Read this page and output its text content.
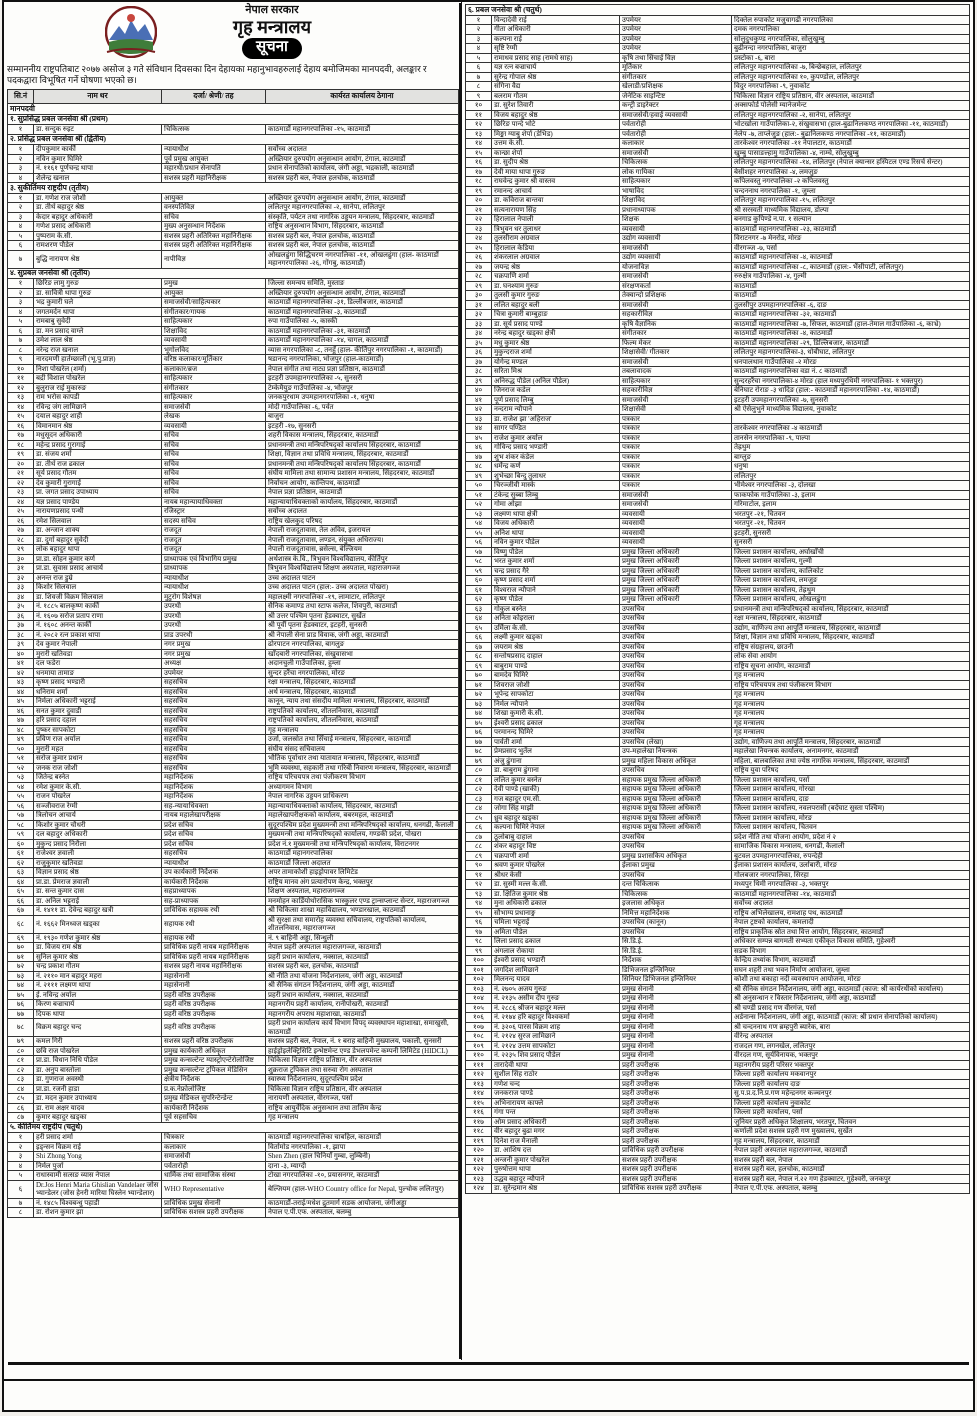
नेपाल सरकार
गृह मन्त्रालय
सूचना
सम्माननीय राष्ट्रपतिबाट २०७७ असोज ३ गते संविधान दिवसका दिन देहायका महानुभावहरुलाई देहाय बमोजिमका मानपदवी, अलङ्कार र पदकद्वारा विभूषित गर्ने घोषणा भएको छ।
सि.नं	नाम थर	दर्जा/ श्रेणी/ तह	कार्यरत कार्यालय ठेगाना
मानपदवी			
१. सुप्रसिद्ध प्रबल जनसेवा श्री (प्रथम)			
१	डा. सन्दुक रुइट	चिकित्सक	काठमाडौं महानगरपालिका -१५, काठमाडौं
२. प्रसिद्ध प्रबल जनसेवा श्री (द्वितीय)			
१	दीपकुमार कार्की	न्यायाधीश	सर्वोच्च अदालत
२	नविन कुमार घिमिरे	पूर्व प्रमुख आयुक्त	अख्तियार दुरुपयोग अनुसन्धान आयोग, टंगाल, काठमाडौं
३	नं. ११६१ पूर्णचन्द्र थापा	महारथी/प्रधान सेनापति	प्रधान सेनापतिको कार्यालय, जंगी अड्डा, भद्रकाली, काठमाडौं
४	शैलेन्द्र खनाल	सशस्त्र प्रहरी महानिरीक्षक	सशस्त्र प्रहरी बल, नेपाल हलचोक, काठमाडौं
३. सुकीर्तिमय राष्ट्रदीप (तृतीय)			
१	डा. गणेश राज जोशी	आयुक्त	अख्तियार दुरुपयोग अनुसन्धान आयोग, टंगाल, काठमाडौं
२	डा. तीर्थ बहादुर श्रेष्ठ	वनस्पतिविज्ञ	ललितपुर महानगरपालिका -२, सानेपा, ललितपुर
३	केदार बहादुर अधिकारी	सचिव	संस्कृति, पर्यटन तथा नागरिक उड्डयन मन्त्रालय, सिंहदरबार, काठमाडौं
४	गणेश प्रसाद अधिकारी	मुख्य अनुसन्धान निर्देशक	राष्ट्रिय अनुसन्धान विभाग, सिंहदरबार, काठमाडौं
५	पुष्पराम के.सी.	सशस्त्र प्रहरी अतिरिक्त महानिरीक्षक	सशस्त्र प्रहरी बल, नेपाल हलचोक, काठमाडौं
६	रामशरण पौडेल	सशस्त्र प्रहरी अतिरिक्त महानिरीक्षक	सशस्त्र प्रहरी बल, नेपाल हलचोक, काठमाडौं
७	बुद्धि नारायण श्रेष्ठ	नापीविज्ञ	ओखलढुंगा सिद्धिचरण नगरपालिका -११, ओखलढुंगा (हाल- काठमाडौं महानगरपालिका -२६, गोंगबु, काठमाडौं)
४. सुप्रबल जनसेवा श्री (तृतीय)			
१	छिरिङ लामु गुरुङ	प्रमुख	जिल्ला समन्वय समिति, मुस्ताङ
२	डा. सावित्री थापा गुरुङ	आयुक्त	अख्तियार दुरुपयोग अनुसन्धान आयोग, टंगाल, काठमाडौं
३	भद्र कुमारी घले	समाजसेवी/साहित्यकार	काठमाडौं महानगरपालिका -३१, डिल्लीबजार, काठमाडौं
४	जगतमर्दन थापा	संगीतकार/गायक	काठमाडौं महानगरपालिका -३, काठमाडौं
५	रामबाबु सुवेदी	साहित्यकार	रुपा गाउँपालिका -५, कास्की
६	डा. मन प्रसाद वाग्ले	शिक्षाविद	काठमाडौं महानगरपालिका -३१, काठमाडौं
७	उमेश लाल श्रेष्ठ	व्यवसायी	काठमाडौं महानगरपालिका -१४, चागल, काठमाडौं
८	नरेन्द्र राज खनाल	भूगोलविद	व्यास नगरपालिका -८, तनहुँ (हाल- कीर्तिपुर नगरपालिका -१, काठमाडौं)
९	नारदमणी हार्तम्छाली (भू.पु.प्राज्ञ)	वरिष्ठ कलाकार/मूर्तिकार	षडानन्द नगरपालिका, भोजपुर (हाल-काठमाडौं)
१०	निशा पोखरेल (शर्मा)	कलाकार/ब्रज	नेपाल संगीत तथा नाट्य प्रज्ञा प्रतिष्ठान, काठमाडौं
११	बद्री विशाल पोखरेल	साहित्यकार	इटहरी उपमहानगरपालिका -५, सुनसरी
१२	बुलुराज राई मुकारुङ	संगीतकार	टेम्केमैयुङ गाउँपालिका -४, भोजपुर
१३	राम भरोस कापडी	साहित्यकार	जनकपुरधाम उपमहानगरपालिका -१, धनुषा
१४	रविन्द्र जंग लामिछाने	समाजसेवी	मोदी गाउँपालिका -६, पर्वत
१५	दयाल बहादुर शाही	लेखक	बाजुरा
१६	विमानमान श्रेष्ठ	व्यवसायी	इटहरी -१७, सुनसरी
१७	मधुसूदन अधिकारी	सचिव	शहरी विकास मन्त्रालय, सिंहदरबार, काठमाडौं
१८	महेन्द्र प्रसाद गुरागाई	सचिव	प्रधानमन्त्री तथा मन्त्रिपरिषद्को कार्यालय सिंहदरबार, काठमाडौं
१९	डा. संजय शर्मा	सचिव	शिक्षा, विज्ञान तथा प्रविधि मन्त्रालय, सिंहदरबार, काठमाडौं
२०	डा. तीर्थ राज ढकाल	सचिव	प्रधानमन्त्री तथा मन्त्रिपरिषद्को कार्यालय सिंहदरबार, काठमाडौं
२१	सूर्य प्रसाद गौतम	सचिव	संघीय मामिला तथा सामान्य प्रशासन मन्त्रालय, सिंहदरबार, काठमाडौं
२२	देव कुमारी गुरागाई	सचिव	निर्वाचन आयोग, कान्तिपथ, काठमाडौं
२३	प्रा. जगत प्रसाद उपाध्याय	सचिव	नेपाल प्रज्ञा प्रतिष्ठान, काठमाडौं
२४	यज्ञ प्रसाद पाण्डेय	नायब महान्यायाधिवक्ता	महान्यायाधिवक्ताको कार्यालय, सिंहदरबार, काठमाडौं
२५	नारायणप्रसाद पन्थी	रजिस्ट्रार	सर्वोच्च अदालत
२६	रमेश सिलवाल	सदस्य सचिव	राष्ट्रिय खेलकुद परिषद
२७	डा. अन्जान शाक्य	राजदूत	नेपाली राजदूतावास, तेल अविव, इजरायल
२८	डा. दुर्गा बहादुर सुवेदी	राजदूत	नेपाली राजदूतावास, लण्डन, संयुक्त अधिराज्य।
२९	लोक बहादुर थापा	राजदूत	नेपाली राजदूतावास, ब्रसेल्स, बेल्जियम
३०	प्रा.डा. सोहन कुमार कर्ण	प्राध्यापक एवं विभागिय प्रमुख	अर्थशास्त्र के.वि., त्रिभुवन विश्वविद्यालय, कीर्तिपुर
३१	प्रा.डा. सुवास प्रसाद आचार्य	प्राध्यापक	त्रिभुवन विश्वविद्यालय शिक्षण अस्पताल, महाराजगञ्ज
३२	अनन्त राज डुम्रे	न्यायाधीश	उच्च अदालत पाटन
३३	किशोर सिलवाल	न्यायाधीश	उच्च अदालत पाटन (हाल:- उच्च अदालत पोखरा)
३४	डा. शिवजी विक्रम सिलवाल	मुटुरोग विशेषज्ञ	महालक्ष्मी नगरपालिका -१९, लामाटार, ललितपुर
३५	नं. १८८५ बालकृष्ण कार्की	उपरथी	सैनिक कमाण्ड तथा स्टाफ कलेज, शिवपुरी, काठमाडौं
३६	नं. १६०७ सरोज प्रताप राणा	उपरथी	श्री उत्तर पश्चिम पृतना हेडक्वाटर, सुर्खेत
३७	नं. १६०८ अनन्त कार्की	उपरथी	श्री पूर्वी पृतना हेडक्वाटर, इटहरी, सुनसरी
३८	नं. २०८२ रत्न प्रकाश थापा	प्राड उपरथी	श्री नेपाली सेना प्राड विवाक, जंगी अड्डा, काठमाडौं
३९	देव कुमार नेपाली	नगर प्रमुख	ढोरपाटन नगरपालिका, बागलुङ
४०	मुरारी खतिवडा	नगर प्रमुख	खाँदबारी नगरपालिका, संखुवासभा
४१	दल फडेरा	अध्यक्ष	अदानचुली गाउँपालिका, हुम्ला
४२	धनमाया तामाङ	उपमेयर	सुन्दर हरैंचा नगरपालिका, मोरङ
४३	कृष्ण प्रसाद भण्डारी	सहसचिव	रक्षा मन्त्रालय, सिंहदरबार, काठमाडौं
४४	धनिराम शर्मा	सहसचिव	अर्थ मन्त्रालय, सिंहदरबार, काठमाडौं
४५	निर्मला अधिकारी भट्टराई	सहसचिव	कानून, न्याय तथा संसदीय मामिला मन्त्रालय, सिंहदरबार, काठमाडौं
४६	सनत कुमार दुवाडी	सहसचिव	राष्ट्रपतिको कार्यालय, शीतलनिवास, काठमाडौं
४७	हरि प्रसाद दहाल	सहसचिव	राष्ट्रपतिको कार्यालय, शीतलनिवास, काठमाडौं
४८	पुष्कर सापकोटा	सहसचिव	गृह मन्त्रालय
४९	प्रविण राज अर्याल	सहसचिव	उर्जा, जलस्रोत तथा सिँचाई मन्त्रालय, सिंहदरबार, काठमाडौं
५०	मुरारी महत	सहसचिव	संघीय संसद सचिवालय
५१	सरोज कुमार प्रधान	सहसचिव	भौतिक पूर्वाधार तथा यातायात मन्त्रालय, सिंहदरबार, काठमाडौं
५२	जनक राज जोशी	सहसचिव	भूमि व्यवस्था, सहकारी तथा गरिबी निवारण मन्त्रालय, सिंहदरबार, काठमाडौं
५३	जितेन्द्र बस्नेत	महानिर्देशक	राष्ट्रिय परिचयपत्र तथा पंजीकरण विभाग
५४	रमेश कुमार के.सी.	महानिर्देशक	अध्यागमन विभाग
५५	राजन पोखरेल	महानिर्देशक	नेपाल नागरिक उड्डयन प्राधिकरण
५६	सञ्जीवराज रेग्मी	सह-न्यायाधिवक्ता	महान्यायाधिवक्ताको कार्यालय, सिंहदरबार, काठमाडौं
५७	त्रिलोचन आचार्य	नायब महालेखापरीक्षक	महालेखापरीक्षकको कार्यालय, बबरमहल, काठमाडौं
५८	किशोर कुमार चौधरी	प्रदेश सचिव	सुदूरपश्चिम प्रदेश मुख्यमन्त्री तथा मन्त्रिपरिषद्को कार्यालय, धनगढी, कैलाली
५९	दल बहादुर अधिकारी	प्रदेश सचिव	मुख्यमन्त्री तथा मन्त्रिपरिषद्को कार्यालय, गण्डकी प्रदेश, पोखरा
६०	मुकुन्द प्रसाद निरौला	प्रदेश सचिव	प्रदेश नं.१ मुख्यमन्त्री तथा मन्त्रिपरिषद्को कार्यालय, विराटनगर
६१	राजेश्वर ज्ञवाली	सहसचिव	काठमाडौं महानगरपालिका
६२	राजुकुमार खतिवडा	न्यायाधीश	काठमाडौं जिल्ला अदालत
६३	विज्ञान प्रसाद श्रेष्ठ	उप कार्यकारी निर्देशक	अपर तामाकोशी हाइड्रोपावर लिमिटेड
६४	प्रा.डा. प्रेमराज ज्ञवाली	कार्यकारी निर्देशक	राष्ट्रिय मानव अंग प्रत्यारोपण केन्द्र, भक्तपुर
६५	डा. सन्त कुमार दास	सहप्राध्यापक	शिक्षण अस्पताल, महाराजगञ्ज
६६	डा. अनिल भट्टराई	सह-प्राध्यापक	मनमोहन कार्डियोथोरासिक भास्कुलर एण्ड ट्रान्सप्लान्ट सेन्टर, महाराजगञ्ज
६७	नं. १४११ डा. देवेन्द्र बहादुर खत्री	प्राविधिक सहायक रथी	श्री चिकित्सा शाखा महाविद्यालय, भण्डारखाल, काठमाडौं
६८	नं. १६६२ मिनध्वज खड्का	सहायक रथी	श्री सुरक्षा तथा समारोह व्यवस्था सचिवालय, राष्ट्रपतिको कार्यालय, शीतलनिवास, महाराजगञ्ज
६९	नं. १९३० गणेश कुमार श्रेष्ठ	सहायक रथी	नं. ९ बाहिनी अड्डा, सिन्धुली
७०	डा. विजय राम श्रेष्ठ	प्राविधिक प्रहरी नायब महानिरीक्षक	नेपाल प्रहरी अस्पताल महाराजगञ्ज, काठमाडौं
७१	सुनिल कुमार श्रेष्ठ	प्राविधिक प्रहरी नायब महानिरीक्षक	प्रहरी प्रधान कार्यालय, नक्साल, काठमाडौं
७२	चन्द्र प्रकाश गौतम	सशस्त्र प्रहरी नायब महानिरीक्षक	सशस्त्र प्रहरी बल, हलचोक, काठमाडौं
७३	नं. २११० मान बहादुर महरा	महासेनानी	श्री नीति तथा योजना निर्देशनालय, जंगी अड्डा, काठमाडौं
७४	नं. २१११ लक्ष्मण थापा	महासेनानी	श्री सैनिक संगठन निर्देशनालय, जंगी अड्डा, काठमाडौं
७५	ई. नविन्द्र अर्याल	प्रहरी वरिष्ठ उपरीक्षक	प्रहरी प्रधान कार्यालय, नक्साल, काठमाडौं
७६	किरण बज्राचार्य	प्रहरी वरिष्ठ उपरीक्षक	महानगरीय प्रहरी कार्यालय, रानीपोखरी, काठमाडौं
७७	दिपक थापा	प्रहरी वरिष्ठ उपरीक्षक	महानगरीय अपराध महाशाखा, काठमाडौं
७८	विक्रम बहादुर चन्द	प्रहरी वरिष्ठ उपरीक्षक	प्रहरी प्रधान कार्यालय कार्य विभाग विपद् व्यवस्थापन महाशाखा, समाखुसी, काठमाडौं
७९	कमल गिरी	सशस्त्र प्रहरी वरिष्ठ उपरीक्षक	सशस्त्र प्रहरी बल, नेपाल, नं. १ बराह बाहिनी मुख्यालय, पकाली, सुनसरी
८०	छवि राज पोखरेल	प्रमुख कार्यकारी अधिकृत	हाईड्रोइलेक्ट्रिसिटि इन्भेष्टमेन्ट एण्ड डेभलपमेन्ट कम्पनी लिमिटेड (HIDCL)
८१	प्रा.डा. विधान निधि पौडेल	प्रमुख कन्सल्टेन्ट ग्यास्ट्रोएन्टेरोलोजिष्ट	चिकित्सा विज्ञान राष्ट्रिय प्रतिष्ठान, वीर अस्पताल
८२	डा. अनुप बास्तोला	प्रमुख कन्सल्टेन्ट ट्रपिकल मेडिसिन	शुक्रराज ट्रपिकल तथा सरुवा रोग अस्पताल
८३	डा. गुणराज अवस्थी	क्षेत्रीय निर्देशक	स्वास्थ्य निर्देशनालय, सुदूरपश्चिम प्रदेश
८४	प्रा.डा. रजनी हाडा	प्र.क.नेफ्रोलोजिष्ट	चिकित्सा विज्ञान राष्ट्रिय प्रतिष्ठान, वीर अस्पताल
८५	डा. मदन कुमार उपाध्याय	प्रमुख मेडिकल सुपरिन्टेन्डेन्ट	नारायणी अस्पताल, वीरगञ्ज, पर्सा
८६	डा. राम अक्षर यादव	कार्यकारी निर्देशक	राष्ट्रिय आयुर्वेदिक अनुसन्धान तथा तालिम केन्द्र
८७	कुमार बहादुर खड्का	पूर्व सहसचिव	गृह मन्त्रालय
५. कीर्तिमय राष्ट्रदीप (चतुर्थ)			
१	हरी प्रसाद शर्मा	चित्रकार	काठमाडौं महानगरपालिका चाबहिल, काठमाडौं
२	इड्न्सन विक्रम राई	कलाकार	विर्तामोड नगरपालिका -१, झापा
३	Shi Zhong Yong	समाजसेवी	Shen Zhen (हाल चिनियाँ गुम्बा, लुम्बिनी)
४	निर्मल पुर्जा	पर्वतारोही	दाना -३, म्याग्दी
५	राधास्वामी सत्सङ व्यास नेपाल	धार्मिक तथा सामाजिक संस्था	टोखा नगरपालिका -१०, प्रयासनगर, काठमाडौं
६	Dr.Jos Henri Maria Ghislian Vandelaer जोस भ्यान्डेलर (जोस हेनरी मारिया घिस्लेन भ्यान्डेलार)	WHO Representative	बेल्जियम (हाल-WHO Country office for Nepal, पुल्चोक ललितपुर)
७	नं. १४८५ विश्वबन्धु पहाडी	प्राविधिक प्रमुख सेनानी	काठमाडौं-तराई/मधेश द्रुतमार्ग सडक आयोजना, जंगीअड्डा
८	डा. रोशन कुमार झा	प्राविधिक सशस्त्र प्रहरी उपरीक्षक	नेपाल ए.पी.एफ. अस्पताल, बलम्बु
६. प्रबल जनसेवा श्री (चतुर्थ)			
१	विन्दादेवी राई	उपमेयर	दिक्तेल रुपाकोट मजुवागढी नगरपालिका
२	गीता अधिकारी	उपमेयर	दमक नगरपालिका
३	कल्पना राई	उपमेयर	सोलुदुधकुण्ड नगरपालिका, सोलुखुम्बु
४	सृष्टि रेग्मी	उपमेयर	बुढीनन्दा नगरपालिका, बाजुरा
५	रामाधव प्रसाद साह (रामधे साह)	कृषि तथा सिंचाई विज्ञ	प्रस्टोका -६, बारा
६	यज्ञ रत्न बज्राचार्य	मूर्तिकार	ललितपुर महानगरपालिका -७, बिन्छेबहाल, ललितपुर
७	सुरेन्द्र गोपाल श्रेष्ठ	संगीतकार	ललितपुर महानगरपालिका १०, कुपण्डोल, ललितपुर
८	संगिना वैद्य	खेलाडी/प्रशिक्षक	विदुर नगरपालिका -९, नुवाकोट
९	बलराम गौतम	जेनेटिक साइन्टिष्ट	चिकित्सा विज्ञान राष्ट्रिय प्रतिष्ठान, वीर अस्पताल, काठमाडौं
१०	डा. सुरेश तिवारी	कन्ट्री डाइरेक्टर	अक्सफोर्ड पोलेसी म्यानेजमेन्ट
११	विजय बहादुर श्रेष्ठ	समाजसेवी/हवाई व्यवसायी	ललितपुर महानगरपालिका -२, सानेपा, ललितपुर
१२	छिरिङ पान्दे भोटे	पर्वतारोही	भोटखोला गाउँपालिका-२, संखुवासभा (हाल-बुढानिलकण्ठ नगरपालिका -११, काठमाडौं)
१३	मिङ्मा ग्याबु शेर्पा (डेभिड)	पर्वतारोही	नेलेप -७, ताप्लेजुङ (हाल:- बुढानिलकण्ठ नगरपालिका -११, काठमाडौं)
१४	उत्तम के.सी.	कलाकार	तारकेश्वर नगरपालिका -११ नेपालटार, काठमाडौं
१५	कान्छा शेर्पा	समाजसेवी	खुम्बु पासाङल्हामु गाउँपालिका -४, नाम्चे, सोलुखुम्बु
१६	डा. सुदीप श्रेष्ठ	चिकित्सक	ललितपुर महानगरपालिका -१४, ललितपुर (नेपाल क्यान्सर हस्पिटल एण्ड रिसर्च सेन्टर)
१७	देवी माया थापा गुरुङ	लोक गायिका	बेसीशहर नगरपालिका -४, लमजुङ
१८	राघवेन्द्र कुमार श्री वास्तव	साहित्यकार	कपिलवस्तु नगरपालिका -२ कपिलवस्तु
१९	रमानन्द आचार्य	भाषाविद	चन्दननाथ नगरपालिका -१, जुम्ला
२०	डा. कविराज बान्तवा	शिक्षाविद	ललितपुर महानगरपालिका -१५, ललितपुर
२१	सत्यनारायण सिंह	प्रधानाध्यापक	श्री सरस्वती माध्यमिक विद्यालय, डोल्पा
२२	हिरालाल नेपाली	शिक्षक	बनगाड कुपिण्डे न.पा. १ सल्यान
२३	त्रिभुवन धर तुलाधर	व्यवसायी	काठमाडौं महानगरपालिका -२३, काठमाडौं
२४	तुलसीराम अग्रवाल	उद्योग व्यवसायी	विराटनगर -७ मेनरोड, मोरङ
२५	हिरालाल केडिया	समाजसेवी	वीरगञ्ज -७, पर्सा
२६	शंकरलाल अग्रवाल	उद्योग व्यवसायी	काठमाडौं महानगरपालिका -४, काठमाडौं
२७	जयन्द्र श्रेष्ठ	योजनाविज्ञ	काठमाडौं महानगरपालिका -८, काठमाडौं (हाल:- भैंसीपाटी, ललितपुर)
२८	चक्रपाणि शर्मा	समाजसेवी	रुरुक्षेत्र गाउँपालिका -४, गुल्मी
२९	डा. घनश्याम गुरुङ	संरक्षणकर्ता	काठमाडौं
३०	तुलसी कुमार गुरुङ	तेक्वान्दो प्रशिक्षक	काठमाडौं
३१	ललित बहादुर बली	समाजसेवी	तुलसीपुर उपमहानगरपालिका -६, दाङ
३२	चित्रा कुमारी बाम्बुहाङ	सहकारीविज्ञ	काठमाडौं महानगरपालिका -३२, काठमाडौं
३३	डा. सूर्य प्रसाद पाण्डे	कृषि वैज्ञानिक	काठमाडौं महानगरपालिका -७, सिफल, काठमाडौं (हाल-तेमाल गाउँपालिका -६, काभ्रे)
३४	नरेन्द्र बहादुर खड्का क्षेत्री	संगीतकार	काठमाडौं महानगरपालिका -४, काठमाडौं
३५	मधु कुमार श्रेष्ठ	फिल्म मेकर	काठमाडौं महानगरपालिका -२९, डिल्लिबजार, काठमाडौं
३६	मुकुन्दराज शर्मा	शिक्षासेवी/ गीतकार	ललितपुर महानगरपालिका-३, धोबीघाट, ललितपुर
३७	योगेन्द्र मण्डल	समाजसेवी	धनपालथान गाउँपालिका -२ मोरङ
३८	सरिता मिश्र	तबलावादक	काठमाडौं महानगरपालिका वडा नं. ८ काठमाडौं
३९	अनिरुद्ध पौडेल (अनिल पौडेल)	साहित्यकार	सुन्दरहरैंचा नगरपालिका-४ मोरङ (हाल मध्यपुरथिमी नगरपालिका- १ भक्तपुर)
४०	जिनराज कडेल	सहकारीविज्ञ	बेनिघाट रोराङ -३ धादिङ (हाल:- काठमाडौं महानगरपालिका -१४, काठमाडौं)
४१	पूर्ण प्रसाद लिम्बु	समाजसेवी	इटहरी उपमहानगरपालिका -७, सुनसरी
४२	नन्दराम न्यौपाने	शिक्षासेवी	श्री ऐसेलुभुने माध्यमिक विद्यालय, नुवाकोट
४३	डा. राजेश झा 'अहिराज'	पत्रकार	
४४	सागर पण्डित	पत्रकार	तारकेश्वर नगरपालिका -४ काठमाडौं
४५	राजेश कुमार अर्याल	पत्रकार	तानसेन नगरपालिका -९, पाल्पा
४६	गोविन्द प्रसाद भण्डारी	पत्रकार	तेह्रथुम
४७	शुभ शंकर कंडेल	पत्रकार	बाग्लुङ
४८	धर्मेन्द्र कर्ण	पत्रकार	धनुषा
४९	शुभेच्छा बिन्दु तुलाधर	पत्रकार	ललितपुर
५०	चिरञ्जीवी मास्के	पत्रकार	भीमेश्वर नगरपालिका -३, दोलखा
५१	टंकेन्द्र सुब्बा लिम्बु	समाजसेवी	फाकफोक गाउँपालिका -३, इलाम
५२	गोमा ओझा	समाजसेवी	गरिमाटोल, इलाम
५३	लक्ष्मण थापा क्षेत्री	व्यवसायी	भरतपुर -२१, चितवन
५४	विजय अधिकारी	व्यवसायी	भरतपुर -२१, चितवन
५५	अनिश थापा	व्यवसायी	इटहरी, सुनसरी
५६	नविन कुमार पौडेल	व्यवसायी	सुनसरी
५७	विष्णु पौडेल	प्रमुख जिल्ला अधिकारी	जिल्ला प्रशासन कार्यालय, अर्घाखाँची
५८	भरत कुमार शर्मा	प्रमुख जिल्ला अधिकारी	जिल्ला प्रशासन कार्यालय, गुल्मी
५९	चन्द्र प्रसाद गैरे	प्रमुख जिल्ला अधिकारी	जिल्ला प्रशासन कार्यालय, कालिकोट
६०	कृष्ण प्रसाद शर्मा	प्रमुख जिल्ला अधिकारी	जिल्ला प्रशासन कार्यालय, लमजुङ
६१	विश्वराज न्यौपाने	प्रमुख जिल्ला अधिकारी	जिल्ला प्रशासन कार्यालय, तेह्रथुम
६२	कृष्ण पौडेल	प्रमुख जिल्ला अधिकारी	जिल्ला प्रशासन कार्यालय, ओखलढुंगा
६३	गोकुल बस्नेत	उपसचिव	प्रधानमन्त्री तथा मन्त्रिपरिषद्को कार्यालय, सिंहदरबार, काठमाडौं
६४	अनिता कोइराला	उपसचिव	रक्षा मन्त्रालय, सिंहदरबार, काठमाडौं
६५	उर्मिला के.सी.	उपसचिव	उद्योग, वाणिज्य तथा आपूर्ति मन्त्रालय, सिंहदरबार, काठमाडौं
६६	लक्ष्मी कुमार खड्का	उपसचिव	शिक्षा, विज्ञान तथा प्रविधि मन्त्रालय, सिंहदरबार, काठमाडौं
६७	जयराम श्रेष्ठ	उपसचिव	राष्ट्रिय संग्रहालय, छाउनी
६८	सन्तोषप्रसाद दाहाल	उपसचिव	लोक सेवा आयोग
६९	बाबुराम पाण्डे	उपसचिव	राष्ट्रिय सूचना आयोग, काठमाडौं
७०	बामदेव घिमिरे	उपसचिव	गृह मन्त्रालय
७१	शिवराज जोशी	उपसचिव	राष्ट्रिय परिचयपत्र तथा पंजीकरण विभाग
७२	भूपेन्द्र सापकोटा	उपसचिव	गृह मन्त्रालय
७३	निर्मल न्यौपाने	उपसचिव	गृह मन्त्रालय
७४	शिखा कुमारी के.सी.	उपसचिव	गृह मन्त्रालय
७५	ईश्वरी प्रसाद ढकाल	उपसचिव	गृह मन्त्रालय
७६	परमानन्द घिमिरे	उपसचिव	गृह मन्त्रालय
७७	पार्वती शर्मा	उपसचिव (लेखा)	उद्योग, वाणिज्य तथा आपूर्ति मन्त्रालय, सिंहदरबार, काठमाडौं
७८	प्रेमप्रसाद भुर्तेल	उप-महालेखा नियन्त्रक	महालेखा नियन्त्रक कार्यालय, अनामनगर, काठमाडौं
७९	अंजु ढुंगाना	प्रमुख महिला विकास अधिकृत	महिला, बालबालिका तथा ज्येष्ठ नागरिक मन्त्रालय, सिंहदरबार, काठमाडौं
८०	डा. बाबुराम ढुंगाना	उपसचिव	राष्ट्रिय युवा परिषद
८१	ललित कुमार बस्नेत	सहायक प्रमुख जिल्ला अधिकारी	जिल्ला प्रशासन कार्यालय, पर्सा
८२	देवी पाण्डे (खाकी)	सहायक प्रमुख जिल्ला अधिकारी	जिल्ला प्रशासन कार्यालय, गोरखा
८३	गज बहादुर एम.सी.	सहायक प्रमुख जिल्ला अधिकारी	जिल्ला प्रशासन कार्यालय, दाङ
८४	जोगा सिंह माझी	सहायक प्रमुख जिल्ला अधिकारी	जिल्ला प्रशासन कार्यालय, नवलपरासी (बर्दघाट सुस्ता पश्चिम)
८५	ध्रुव बहादुर खड्का	सहायक प्रमुख जिल्ला अधिकारी	जिल्ला प्रशासन कार्यालय, मोरङ
८६	कल्पना घिमिरे नेपाल	सहायक प्रमुख जिल्ला अधिकारी	जिल्ला प्रशासन कार्यालय, चितवन
८७	ठूलोबाबु दाहाल	उपसचिव	प्रदेश नीति तथा योजना आयोग, प्रदेश नं २
८८	शंकर बहादुर विष्ट	उपसचिव	सामाजिक विकास मन्त्रालय, धनगढी, कैलाली
८९	चक्रपाणी शर्मा	प्रमुख प्रशासकिय अधिकृत	बुटवल उपमहानगरपालिका, रुपन्देही
९०	श्रवण कुमार पोखरेल	ईलाका प्रमुख	ईलाका प्रशासन कार्यालय, उर्लाबारी, मोरङ
९१	श्रीधर केसी	उपसचिव	गोलबजार नगरपालिका, सिरहा
९२	डा. सुस्मी मल्ल के.सी.	दन्त चिकित्सक	मध्यपुर थिमी नगरपालिका -३, भक्तपुर
९३	डा. क्षितिज कुमार श्रेष्ठ	चिकित्सक	काठमाडौं महानगरपालिका -१४, काठमाडौं
९४	मुना अधिकारी ढकाल	इजलास अधिकृत	सर्वोच्च अदालत
९५	सौभाग्य प्रधानाङ्ग	निमित्त महानिर्देशक	राष्ट्रिय अभिलेखालय, रामशाह पथ, काठमाडौं
९६	चमिला भट्टराई	उपसचिव (कानून)	नेपाल ट्रष्टको कार्यालय, कमलादी
९७	अमिता पौडेल	उपसचिव	राष्ट्रिय प्राकृतिक स्रोत तथा वित्त आयोग, सिंहदरबार, काठमाडौं
९८	लिला प्रसाद ढकाल	सि.डि.ई.	अधिकार सम्पन्न बागमती सभ्यता एकीकृत विकास समिति, गुहेश्वरी
९९	अंगलाल रोकाया	सि.डि.ई.	सडक विभाग
१००	ईश्वरी प्रसाद भण्डारी	निर्देशक	केन्द्रिय तथ्यांक विभाग, काठमाडौं
१०१	जगदिश लामिछाने	डिभिजनल इन्जिनियर	सघन शहरी तथा भवन निर्माण आयोजना, जुम्ला
१०२	मिलनन्द यादव	सिनियर डिभिजनल इन्जिनियर	कोशी तथा बकाहा नदी व्यवस्थापन आयोजना, मोरङ
१०३	नं. २७०५ अजय गुरुङ	प्रमुख सेनानी	श्री सैनिक संगठन निर्देशनालय, जंगी अड्डा, काठमाडौं (काज: श्री कार्यरथीको कार्यालय)
१०४	नं. २१३५ असीम दीप गुरुङ	प्रमुख सेनानी	श्री अनुसन्धान र विस्तार निर्देशनालय, जंगी अड्डा, काठमाडौं
१०५	नं. २८८६ श्रीजन बहादुर मल्ल	प्रमुख सेनानी	श्री चण्डी प्रसाद गण वीरगंज, पर्सा
१०६	नं. २१७४ हरि बहादुर विश्वकर्मा	प्रमुख सेनानी	अर्डनान्स निर्देशनालय, जंगी अड्डा, काठमाडौं (काज: श्री प्रधान सेनापतिको कार्यालय)
१०७	नं. ३२०६ पारस विक्रम शाह	प्रमुख सेनानी	श्री चन्दननाथ गण ब्रम्हपुरी ब्यारेक, बारा
१०८	नं. २१२४ सुरज लामिछाने	प्रमुख सेनानी	वीरेन्द्र अस्पताल
१०९	नं. २१२४ उत्तम सापकोटा	प्रमुख सेनानी	राजदल गण, लगनखेल, ललितपुर
११०	नं. २२३५ शिव प्रसाद पौडेल	प्रमुख सेनानी	वीरदल गण, सूर्यविनायक, भक्तपुर
१११	तारादेवी थापा	प्रहरी उपरीक्षक	महानगरीय प्रहरी परिसर भक्तपुर
११२	सुशील सिंह राठोर	प्रहरी उपरीक्षक	जिल्ला प्रहरी कार्यालय मकवानपुर
११३	गणेश चन्द	प्रहरी उपरीक्षक	जिल्ला प्रहरी कार्यालय दाङ
११४	जनकराज पाण्डे	प्रहरी उपरीक्षक	सु.प.प्र.द.नि.प्र.गण महेन्द्रनगर कञ्चनपुर
११५	अभिनारायण काफ्ले	प्रहरी उपरीक्षक	जिल्ला प्रहरी कार्यालय नुवाकोट
११६	गंगा पन्त	प्रहरी उपरीक्षक	जिल्ला प्रहरी कार्यालय, पर्सा
११७	ओम प्रसाद अधिकारी	प्रहरी उपरीक्षक	जुनियर प्रहरी अधिकृत शिक्षालय, भरतपुर, चितवन
११८	वीर बहादुर बुढा मगर	प्रहरी उपरीक्षक	कर्णाली प्रदेश सशस्त्र प्रहरी गण मुख्यालय, सुर्खेत
११९	दिनेश राज मैनाली	प्रहरी उपरीक्षक	गृह मन्त्रालय, सिंहदरबार, काठमाडौं
१२०	डा. आशिष दत्त	प्राविधिक प्रहरी उपरीक्षक	नेपाल प्रहरी अस्पताल महाराजगञ्ज, काठमाडौं
१२१	अन्जनी कुमार पोखरेल	सशस्त्र प्रहरी उपरीक्षक	सशस्त्र प्रहरी बल, नेपाल
१२२	पुरुषोत्तम थापा	सशस्त्र प्रहरी उपरीक्षक	सशस्त्र प्रहरी बल, हलचोक, काठमाडौं
१२३	उद्धव बहादुर न्यौपाने	सशस्त्र प्रहरी उपरीक्षक	सशस्त्र प्रहरी बल, नेपाल नं.२२ गण हेडक्वाटर, गुहेश्वरी, जनकपुर
१२४	डा. सुरेन्द्रमान श्रेष्ठ	प्राविधिक सशस्त्र प्रहरी उपरीक्षक	नेपाल ए.पी.एफ. अस्पताल, बलम्बु
